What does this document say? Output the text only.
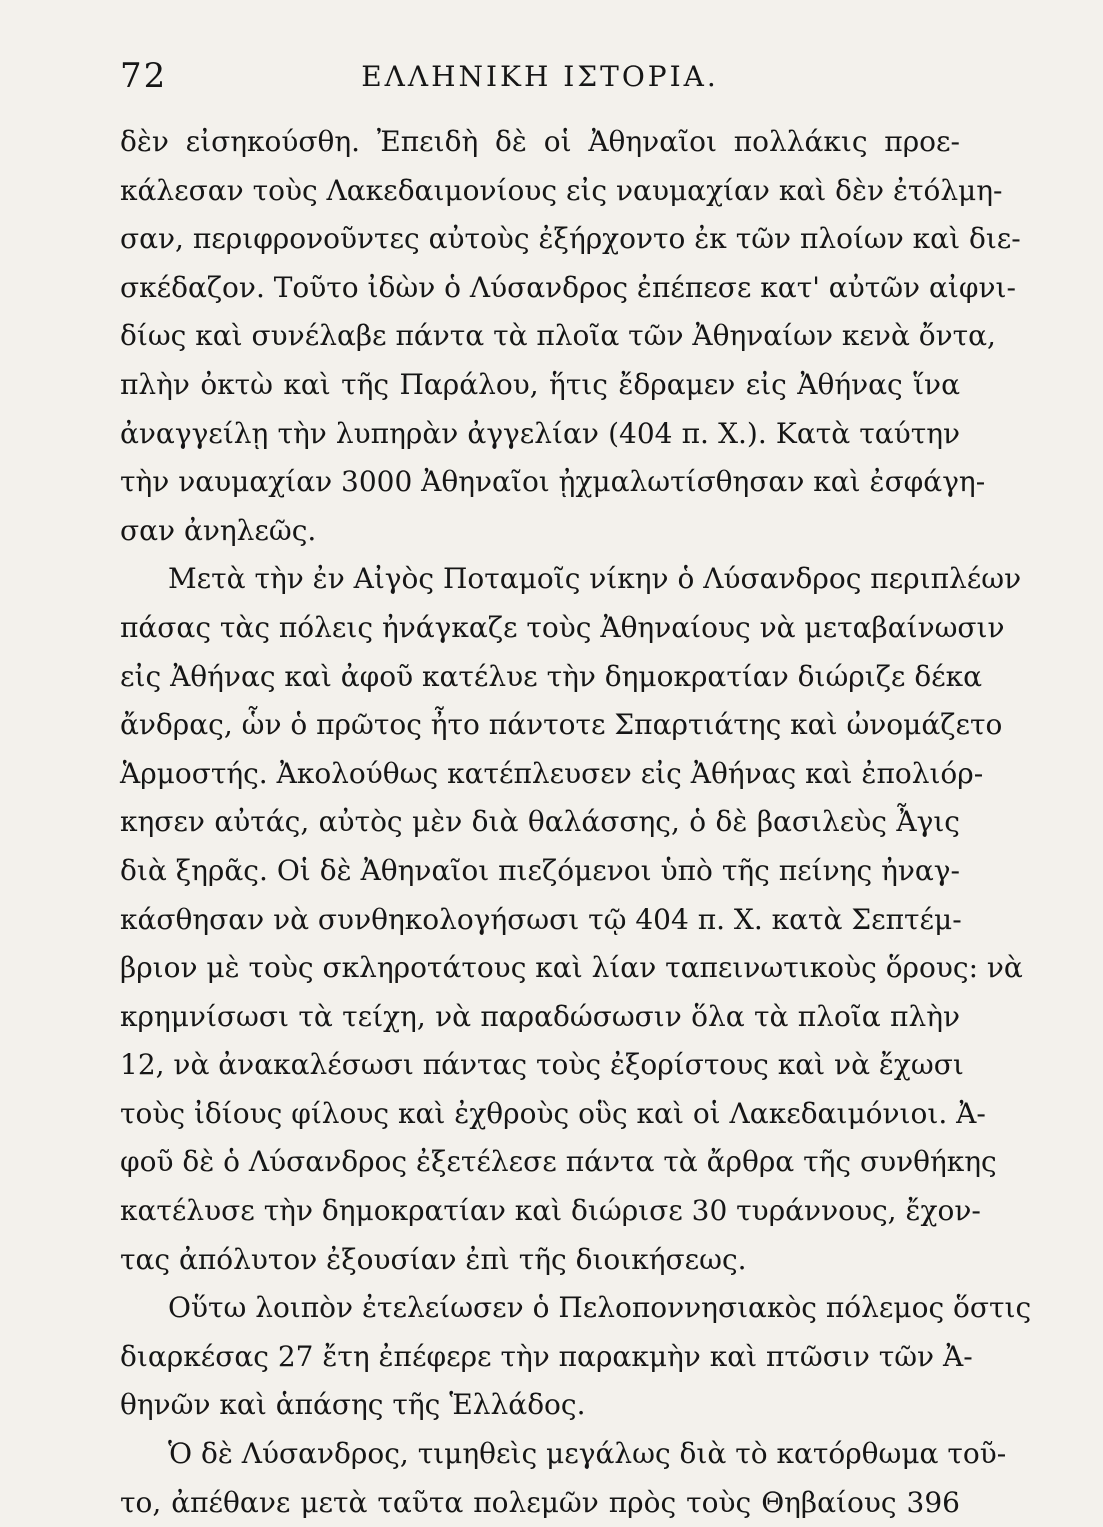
72	ΕΛΛΗΝΙΚΗ ΙΣΤΟΡΙΑ.
δὲν εἰσηκούσθη. Ἐπειδὴ δὲ οἱ Ἀθηναῖοι πολλάκις προε-
κάλεσαν τοὺς Λακεδαιμονίους εἰς ναυμαχίαν καὶ δὲν ἐτόλμη-
σαν, περιφρονοῦντες αὐτοὺς ἐξήρχοντο ἐκ τῶν πλοίων καὶ διε-
σκέδαζον. Τοῦτο ἰδὼν ὁ Λύσανδρος ἐπέπεσε κατ' αὐτῶν αἰφνι-
δίως καὶ συνέλαβε πάντα τὰ πλοῖα τῶν Ἀθηναίων κενὰ ὄντα,
πλὴν ὀκτὼ καὶ τῆς Παράλου, ἥτις ἔδραμεν εἰς Ἀθήνας ἵνα
ἀναγγείλῃ τὴν λυπηρὰν ἀγγελίαν (404 π. Χ.). Κατὰ ταύτην
τὴν ναυμαχίαν 3000 Ἀθηναῖοι ᾐχμαλωτίσθησαν καὶ ἐσφάγη-
σαν ἀνηλεῶς.
Μετὰ τὴν ἐν Αἰγὸς Ποταμοῖς νίκην ὁ Λύσανδρος περιπλέων
πάσας τὰς πόλεις ἠνάγκαζε τοὺς Ἀθηναίους νὰ μεταβαίνωσιν
εἰς Ἀθήνας καὶ ἀφοῦ κατέλυε τὴν δημοκρατίαν διώριζε δέκα
ἄνδρας, ὧν ὁ πρῶτος ἦτο πάντοτε Σπαρτιάτης καὶ ὠνομάζετο
Ἁρμοστής. Ἀκολούθως κατέπλευσεν εἰς Ἀθήνας καὶ ἐπολιόρ-
κησεν αὐτάς, αὐτὸς μὲν διὰ θαλάσσης, ὁ δὲ βασιλεὺς Ἆγις
διὰ ξηρᾶς. Οἱ δὲ Ἀθηναῖοι πιεζόμενοι ὑπὸ τῆς πείνης ἠναγ-
κάσθησαν νὰ συνθηκολογήσωσι τῷ 404 π. Χ. κατὰ Σεπτέμ-
βριον μὲ τοὺς σκληροτάτους καὶ λίαν ταπεινωτικοὺς ὅρους: νὰ
κρημνίσωσι τὰ τείχη, νὰ παραδώσωσιν ὅλα τὰ πλοῖα πλὴν
12, νὰ ἀνακαλέσωσι πάντας τοὺς ἐξορίστους καὶ νὰ ἔχωσι
τοὺς ἰδίους φίλους καὶ ἐχθροὺς οὓς καὶ οἱ Λακεδαιμόνιοι. Ἀ-
φοῦ δὲ ὁ Λύσανδρος ἐξετέλεσε πάντα τὰ ἄρθρα τῆς συνθήκης
κατέλυσε τὴν δημοκρατίαν καὶ διώρισε 30 τυράννους, ἔχον-
τας ἀπόλυτον ἐξουσίαν ἐπὶ τῆς διοικήσεως.
Οὕτω λοιπὸν ἐτελείωσεν ὁ Πελοποννησιακὸς πόλεμος ὅστις
διαρκέσας 27 ἔτη ἐπέφερε τὴν παρακμὴν καὶ πτῶσιν τῶν Ἀ-
θηνῶν καὶ ἁπάσης τῆς Ἑλλάδος.
Ὁ δὲ Λύσανδρος, τιμηθεὶς μεγάλως διὰ τὸ κατόρθωμα τοῦ-
το, ἀπέθανε μετὰ ταῦτα πολεμῶν πρὸς τοὺς Θηβαίους 396
